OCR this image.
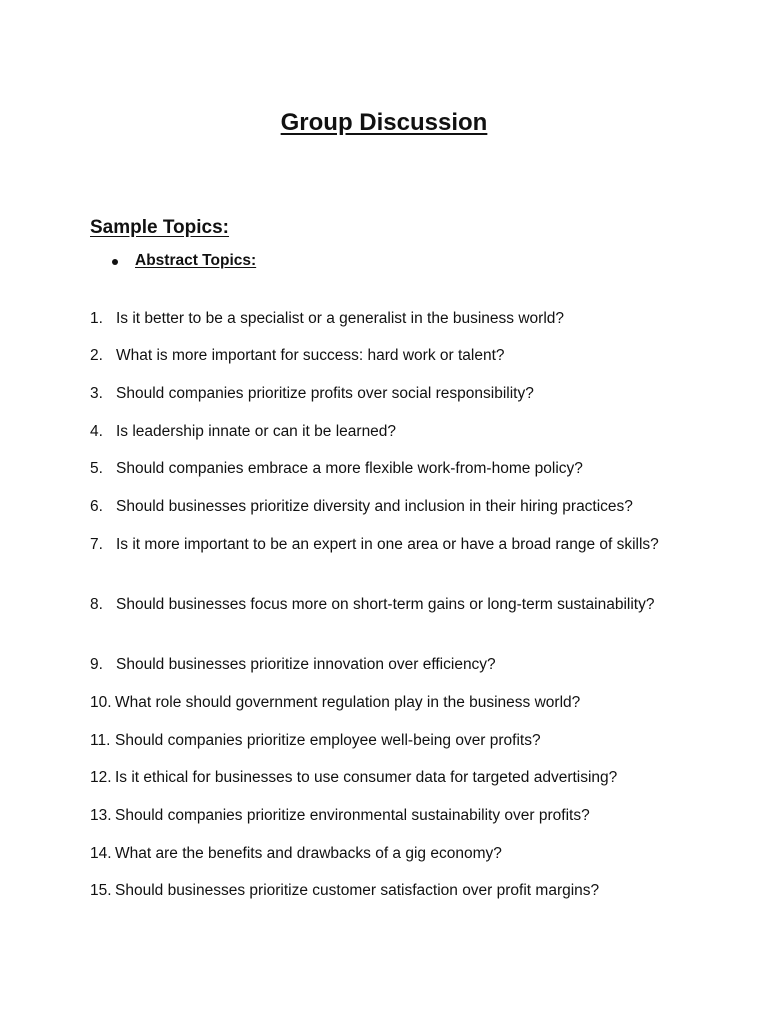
Group Discussion
Sample Topics:
Abstract Topics:
1. Is it better to be a specialist or a generalist in the business world?
2. What is more important for success: hard work or talent?
3. Should companies prioritize profits over social responsibility?
4. Is leadership innate or can it be learned?
5. Should companies embrace a more flexible work-from-home policy?
6. Should businesses prioritize diversity and inclusion in their hiring practices?
7. Is it more important to be an expert in one area or have a broad range of skills?
8. Should businesses focus more on short-term gains or long-term sustainability?
9. Should businesses prioritize innovation over efficiency?
10. What role should government regulation play in the business world?
11. Should companies prioritize employee well-being over profits?
12. Is it ethical for businesses to use consumer data for targeted advertising?
13. Should companies prioritize environmental sustainability over profits?
14. What are the benefits and drawbacks of a gig economy?
15. Should businesses prioritize customer satisfaction over profit margins?
